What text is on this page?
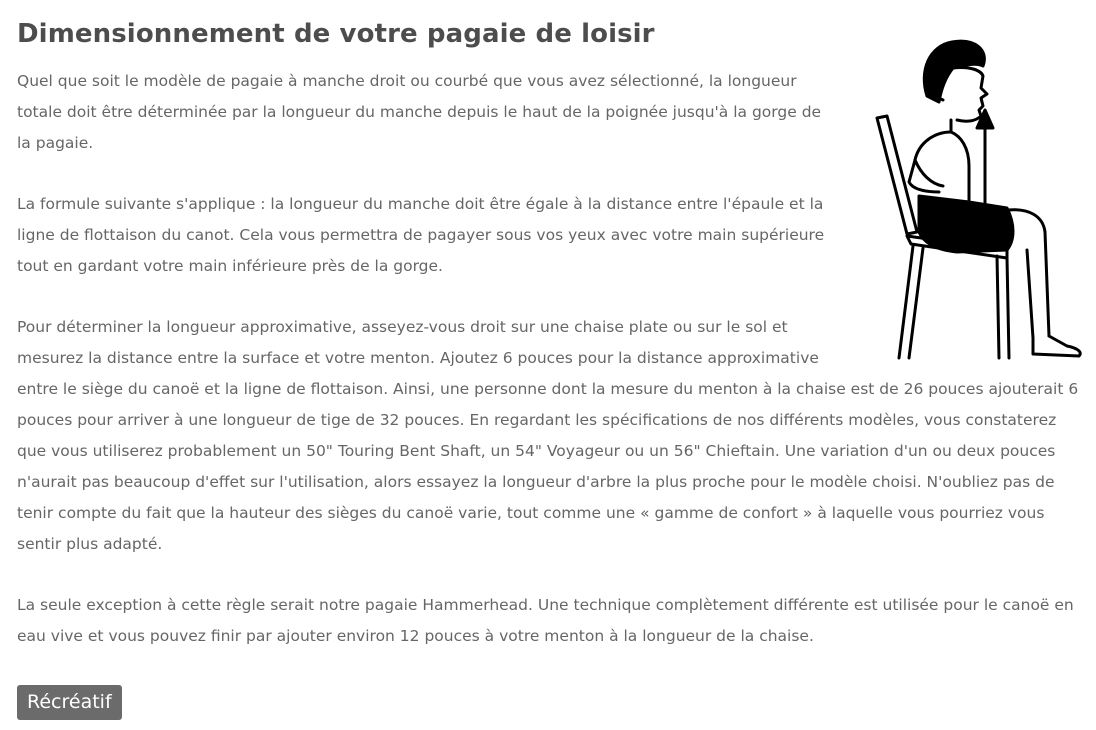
Dimensionnement de votre pagaie de loisir

Quel que soit le modèle de pagaie à manche droit ou courbé que vous avez sélectionné, la longueur totale doit être déterminée par la longueur du manche depuis le haut de la poignée jusqu'à la gorge de la pagaie.

La formule suivante s'applique : la longueur du manche doit être égale à la distance entre l'épaule et la ligne de flottaison du canot. Cela vous permettra de pagayer sous vos yeux avec votre main supérieure tout en gardant votre main inférieure près de la gorge.

Pour déterminer la longueur approximative, asseyez-vous droit sur une chaise plate ou sur le sol et mesurez la distance entre la surface et votre menton. Ajoutez 6 pouces pour la distance approximative entre le siège du canoë et la ligne de flottaison. Ainsi, une personne dont la mesure du menton à la chaise est de 26 pouces ajouterait 6 pouces pour arriver à une longueur de tige de 32 pouces. En regardant les spécifications de nos différents modèles, vous constaterez que vous utiliserez probablement un 50" Touring Bent Shaft, un 54" Voyageur ou un 56" Chieftain. Une variation d'un ou deux pouces n'aurait pas beaucoup d'effet sur l'utilisation, alors essayez la longueur d'arbre la plus proche pour le modèle choisi. N'oubliez pas de tenir compte du fait que la hauteur des sièges du canoë varie, tout comme une « gamme de confort » à laquelle vous pourriez vous sentir plus adapté.

La seule exception à cette règle serait notre pagaie Hammerhead. Une technique complètement différente est utilisée pour le canoë en eau vive et vous pouvez finir par ajouter environ 12 pouces à votre menton à la longueur de la chaise.

Récréatif
